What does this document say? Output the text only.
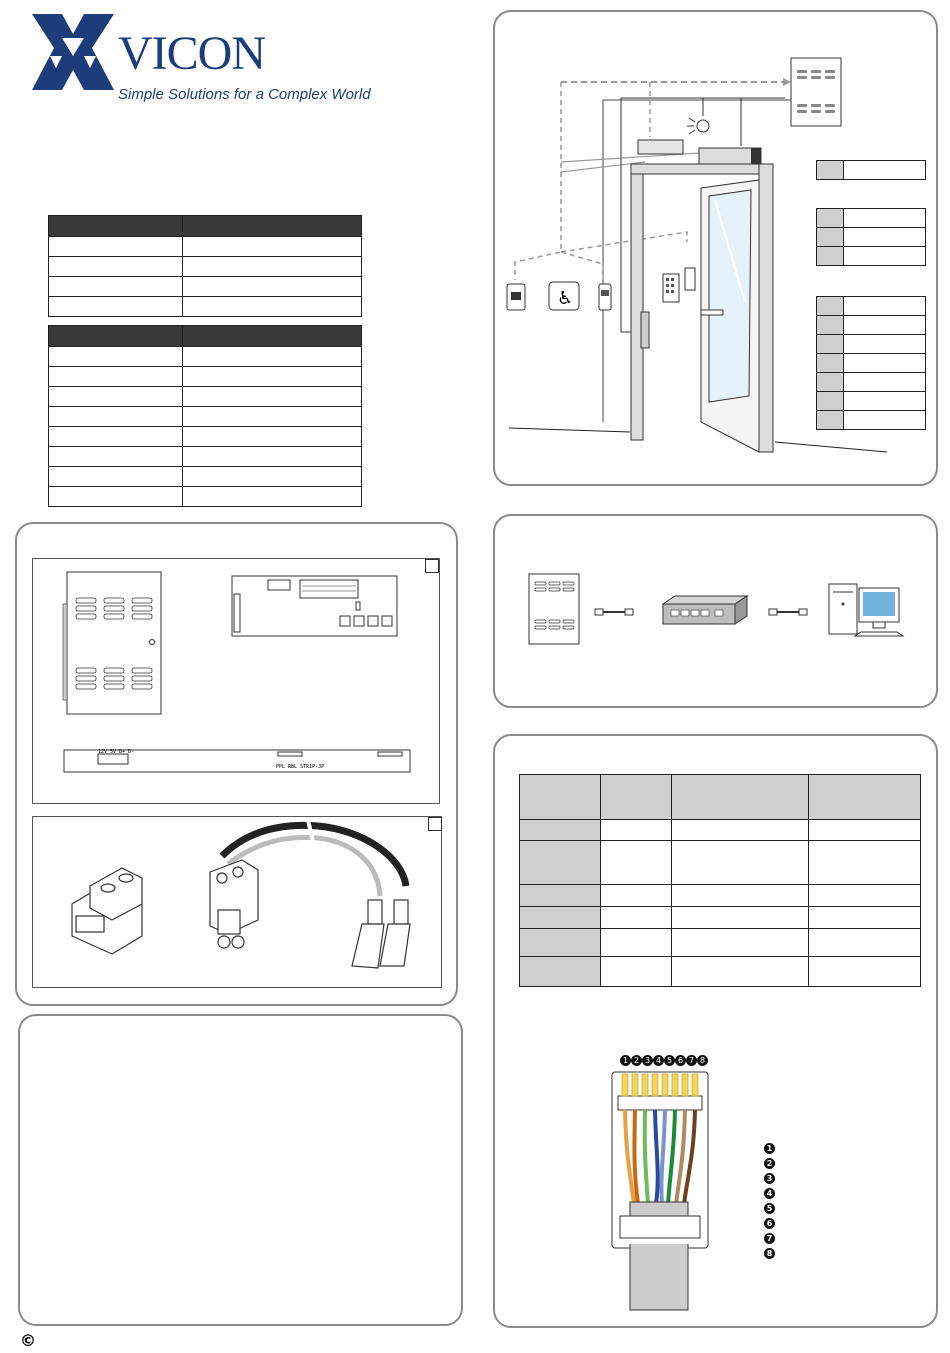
VICON
Simple Solutions for a Complex World

♿
12V 5V D+ D-
PPL RBL STRIP-3P

1 2 3 4 5 6 7 8
1
2
3
4
5
6
7
8
©
